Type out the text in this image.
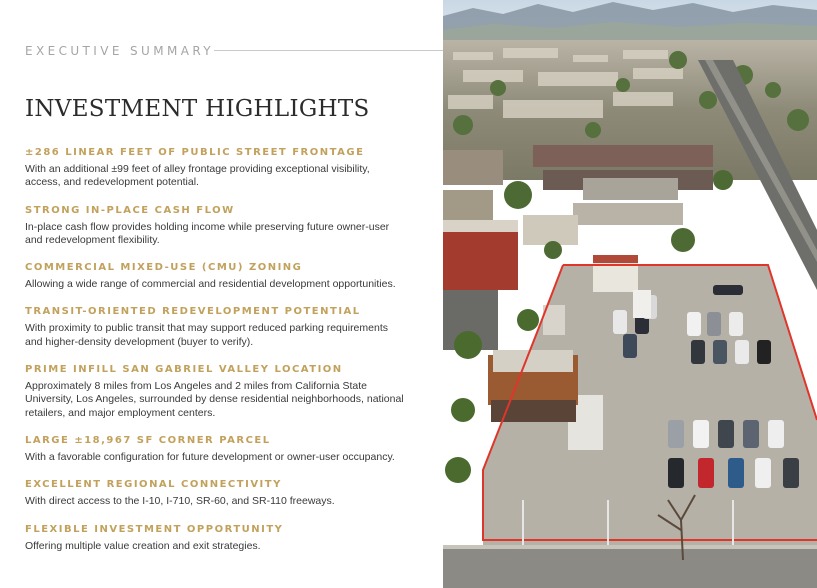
EXECUTIVE SUMMARY
INVESTMENT HIGHLIGHTS
±286 LINEAR FEET OF PUBLIC STREET FRONTAGE
With an additional ±99 feet of alley frontage providing exceptional visibility, access, and redevelopment potential.
STRONG IN-PLACE CASH FLOW
In-place cash flow provides holding income while preserving future owner-user and redevelopment flexibility.
COMMERCIAL MIXED-USE (CMU) ZONING
Allowing a wide range of commercial and residential development opportunities.
TRANSIT-ORIENTED REDEVELOPMENT POTENTIAL
With proximity to public transit that may support reduced parking requirements and higher-density development (buyer to verify).
PRIME INFILL SAN GABRIEL VALLEY LOCATION
Approximately 8 miles from Los Angeles and 2 miles from California State University, Los Angeles, surrounded by dense residential neighborhoods, national retailers, and major employment centers.
LARGE ±18,967 SF CORNER PARCEL
With a favorable configuration for future development or owner-user occupancy.
EXCELLENT REGIONAL CONNECTIVITY
With direct access to the I-10, I-710, SR-60, and SR-110 freeways.
FLEXIBLE INVESTMENT OPPORTUNITY
Offering multiple value creation and exit strategies.
